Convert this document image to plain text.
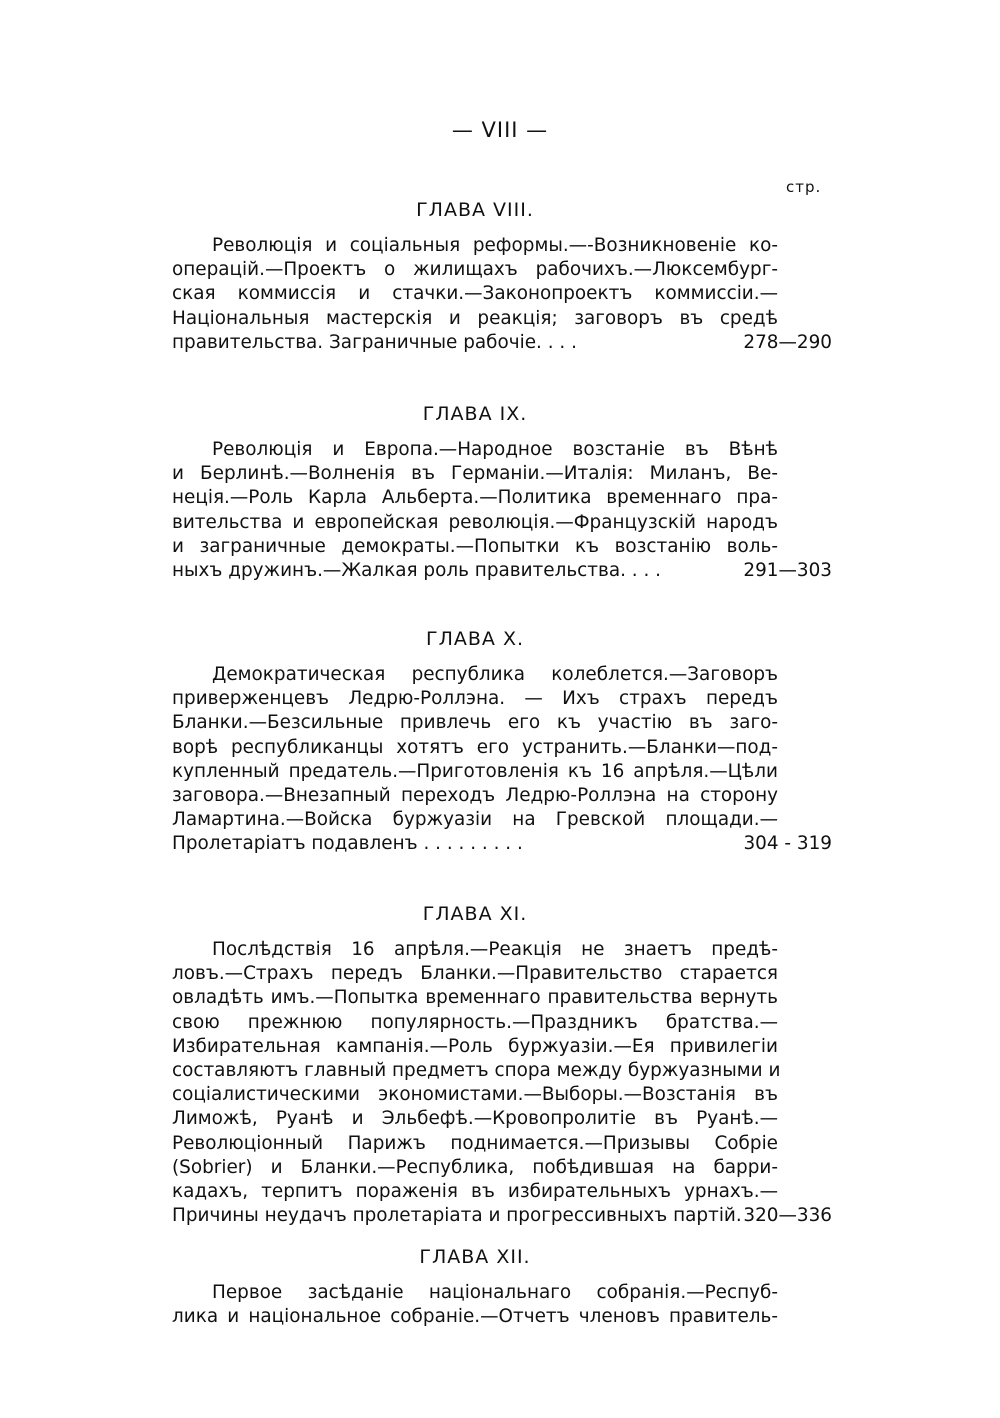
— VIII —
стр.
ГЛАВА VIII.
Революція и соціальныя реформы.—-Возникновеніе ко-
операцій.—Проектъ о жилищахъ рабочихъ.—Люксембург-
ская коммиссія и стачки.—Законопроектъ коммиссіи.—
Національныя мастерскія и реакція; заговоръ въ средѣ
правительства. Заграничные рабочіе. . . .	278—290
ГЛАВА IX.
Революція и Европа.—Народное возстаніе въ Вѣнѣ
и Берлинѣ.—Волненія въ Германіи.—Италія: Миланъ, Ве-
неція.—Роль Карла Альберта.—Политика временнаго пра-
вительства и европейская революція.—Французскій народъ
и заграничные демократы.—Попытки къ возстанію воль-
ныхъ дружинъ.—Жалкая роль правительства. . . .	291—303
ГЛАВА X.
Демократическая республика колеблется.—Заговоръ
приверженцевъ Ледрю-Роллэна. — Ихъ страхъ передъ
Бланки.—Безсильные привлечь его къ участію въ заго-
ворѣ республиканцы хотятъ его устранить.—Бланки—под-
купленный предатель.—Приготовленія къ 16 апрѣля.—Цѣли
заговора.—Внезапный переходъ Ледрю-Роллэна на сторону
Ламартина.—Войска буржуазіи на Гревской площади.—
Пролетаріатъ подавленъ . . . . . . . . .	304 - 319
ГЛАВА XI.
Послѣдствія 16 апрѣля.—Реакція не знаетъ предѣ-
ловъ.—Страхъ передъ Бланки.—Правительство старается
овладѣть имъ.—Попытка временнаго правительства вернуть
свою прежнюю популярность.—Праздникъ братства.—
Избирательная кампанія.—Роль буржуазіи.—Ея привилегіи
составляютъ главный предметъ спора между буржуазными и
соціалистическими экономистами.—Выборы.—Возстанія въ
Лиможѣ, Руанѣ и Эльбефѣ.—Кровопролитіе въ Руанѣ.—
Революціонный Парижъ поднимается.—Призывы Собріе
(Sobrier) и Бланки.—Республика, побѣдившая на барри-
кадахъ, терпитъ пораженія въ избирательныхъ урнахъ.—
Причины неудачъ пролетаріата и прогрессивныхъ партій. 320—336
ГЛАВА XII.
Первое засѣданіе національнаго собранія.—Респуб-
лика и національное собраніе.—Отчетъ членовъ правитель-
